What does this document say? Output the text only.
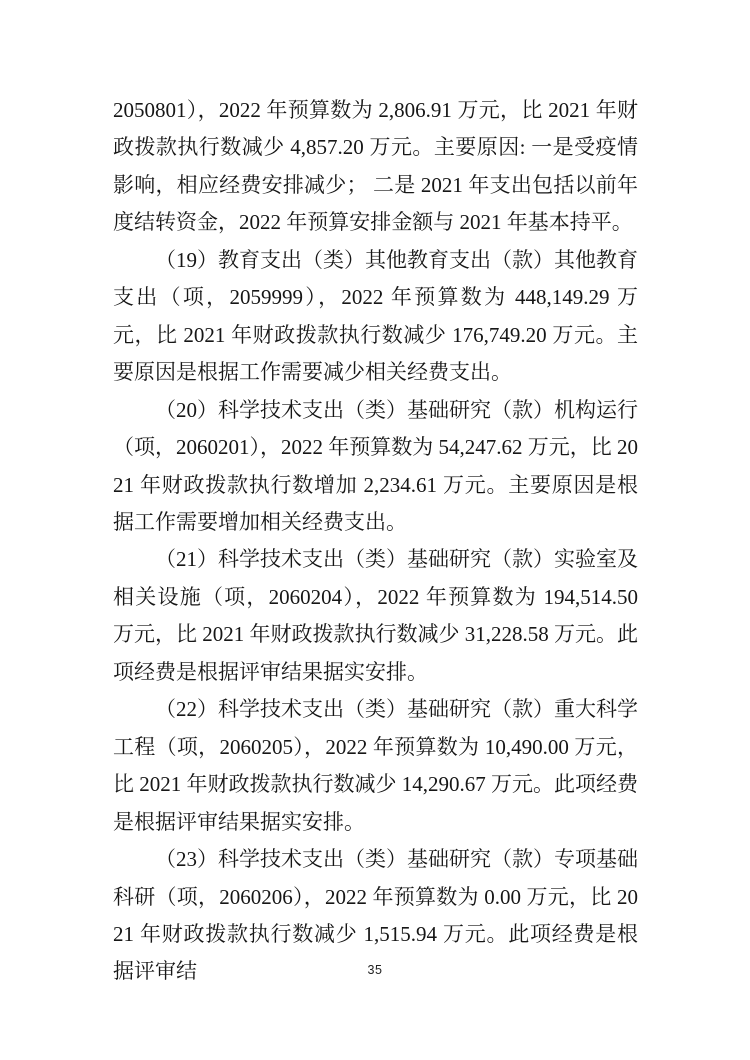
2050801），2022 年预算数为 2,806.91 万元，比 2021 年财政拨款执行数减少 4,857.20 万元。主要原因: 一是受疫情影响，相应经费安排减少； 二是 2021 年支出包括以前年度结转资金，2022 年预算安排金额与 2021 年基本持平。

（19）教育支出（类）其他教育支出（款）其他教育支出（项，2059999），2022 年预算数为 448,149.29 万元，比 2021 年财政拨款执行数减少 176,749.20 万元。主要原因是根据工作需要减少相关经费支出。

（20）科学技术支出（类）基础研究（款）机构运行（项，2060201），2022 年预算数为 54,247.62 万元，比 2021 年财政拨款执行数增加 2,234.61 万元。主要原因是根据工作需要增加相关经费支出。

（21）科学技术支出（类）基础研究（款）实验室及相关设施（项，2060204），2022 年预算数为 194,514.50 万元，比 2021 年财政拨款执行数减少 31,228.58 万元。此项经费是根据评审结果据实安排。

（22）科学技术支出（类）基础研究（款）重大科学工程（项，2060205），2022 年预算数为 10,490.00 万元，比 2021 年财政拨款执行数减少 14,290.67 万元。此项经费是根据评审结果据实安排。

（23）科学技术支出（类）基础研究（款）专项基础科研（项，2060206），2022 年预算数为 0.00 万元，比 2021 年财政拨款执行数减少 1,515.94 万元。此项经费是根据评审结	35
